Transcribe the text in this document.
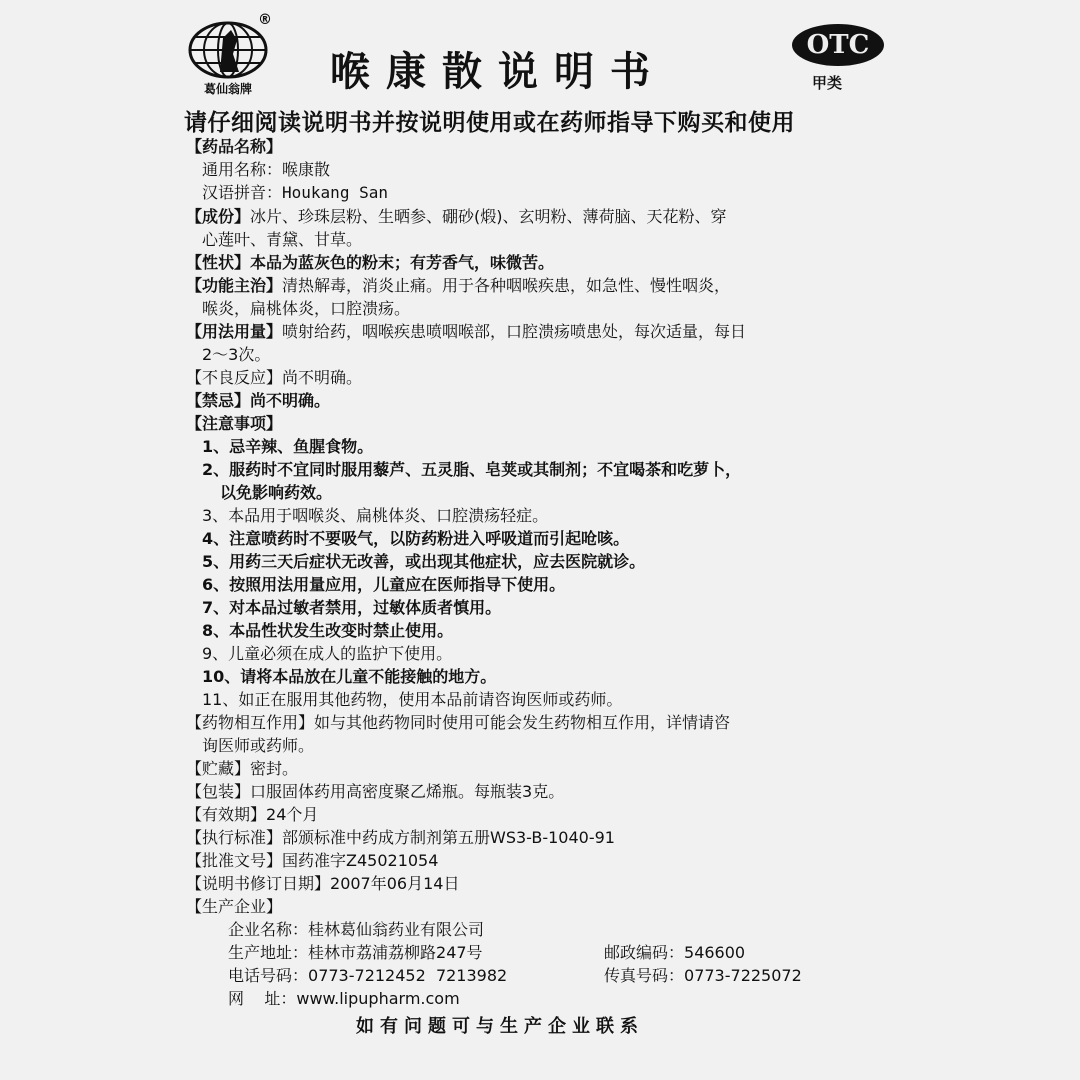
葛仙翁牌
®
喉康散说明书
OTC
甲类
请仔细阅读说明书并按说明使用或在药师指导下购买和使用
【药品名称】
通用名称：喉康散
汉语拼音：Houkang San
【成份】冰片、珍珠层粉、生晒参、硼砂(煅)、玄明粉、薄荷脑、天花粉、穿
心莲叶、青黛、甘草。
【性状】本品为蓝灰色的粉末；有芳香气，味微苦。
【功能主治】清热解毒，消炎止痛。用于各种咽喉疾患，如急性、慢性咽炎，
喉炎，扁桃体炎，口腔溃疡。
【用法用量】喷射给药，咽喉疾患喷咽喉部，口腔溃疡喷患处，每次适量，每日
2～3次。
【不良反应】尚不明确。
【禁忌】尚不明确。
【注意事项】
1、忌辛辣、鱼腥食物。
2、服药时不宜同时服用藜芦、五灵脂、皂荚或其制剂；不宜喝茶和吃萝卜，
以免影响药效。
3、本品用于咽喉炎、扁桃体炎、口腔溃疡轻症。
4、注意喷药时不要吸气，以防药粉进入呼吸道而引起呛咳。
5、用药三天后症状无改善，或出现其他症状，应去医院就诊。
6、按照用法用量应用，儿童应在医师指导下使用。
7、对本品过敏者禁用，过敏体质者慎用。
8、本品性状发生改变时禁止使用。
9、儿童必须在成人的监护下使用。
10、请将本品放在儿童不能接触的地方。
11、如正在服用其他药物，使用本品前请咨询医师或药师。
【药物相互作用】如与其他药物同时使用可能会发生药物相互作用，详情请咨
询医师或药师。
【贮藏】密封。
【包装】口服固体药用高密度聚乙烯瓶。每瓶装3克。
【有效期】24个月
【执行标准】部颁标准中药成方制剂第五册WS3-B-1040-91
【批准文号】国药准字Z45021054
【说明书修订日期】2007年06月14日
【生产企业】
企业名称：桂林葛仙翁药业有限公司
生产地址：桂林市荔浦荔柳路247号	邮政编码：546600
电话号码：0773-7212452  7213982	传真号码：0773-7225072
网    址：www.lipupharm.com
如有问题可与生产企业联系
